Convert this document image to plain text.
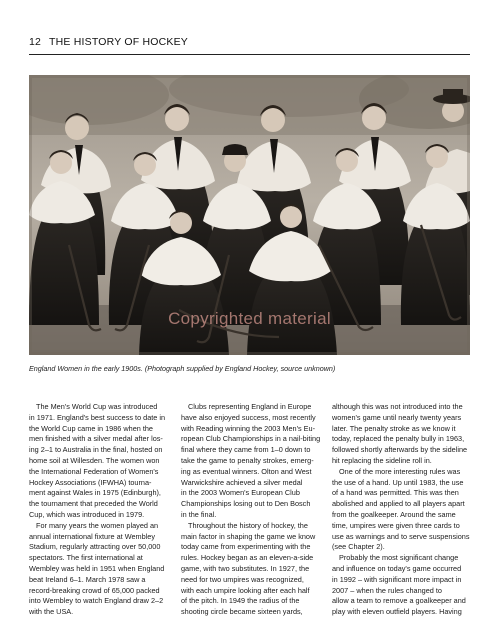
12 THE HISTORY OF HOCKEY
Copyrighted material
England Women in the early 1900s. (Photograph supplied by England Hockey, source unknown)
The Men's World Cup was introduced
in 1971. England's best success to date in
the World Cup came in 1986 when the
men finished with a silver medal after los-
ing 2–1 to Australia in the final, hosted on
home soil at Willesden. The women won
the International Federation of Women's
Hockey Associations (IFWHA) tourna-
ment against Wales in 1975 (Edinburgh),
the tournament that preceded the World
Cup, which was introduced in 1979.
For many years the women played an
annual international fixture at Wembley
Stadium, regularly attracting over 50,000
spectators. The first international at
Wembley was held in 1951 when England
beat Ireland 6–1. March 1978 saw a
record-breaking crowd of 65,000 packed
into Wembley to watch England draw 2–2
with the USA.
Clubs representing England in Europe
have also enjoyed success, most recently
with Reading winning the 2003 Men's Eu-
ropean Club Championships in a nail-biting
final where they came from 1–0 down to
take the game to penalty strokes, emerg-
ing as eventual winners. Olton and West
Warwickshire achieved a silver medal
in the 2003 Women's European Club
Championships losing out to Den Bosch
in the final.
Throughout the history of hockey, the
main factor in shaping the game we know
today came from experimenting with the
rules. Hockey began as an eleven-a-side
game, with two substitutes. In 1927, the
need for two umpires was recognized,
with each umpire looking after each half
of the pitch. In 1949 the radius of the
shooting circle became sixteen yards,
although this was not introduced into the
women's game until nearly twenty years
later. The penalty stroke as we know it
today, replaced the penalty bully in 1963,
followed shortly afterwards by the sideline
hit replacing the sideline roll in.
One of the more interesting rules was
the use of a hand. Up until 1983, the use
of a hand was permitted. This was then
abolished and applied to all players apart
from the goalkeeper. Around the same
time, umpires were given three cards to
use as warnings and to serve suspensions
(see Chapter 2).
Probably the most significant change
and influence on today's game occurred
in 1992 – with significant more impact in
2007 – when the rules changed to
allow a team to remove a goalkeeper and
play with eleven outfield players. Having
